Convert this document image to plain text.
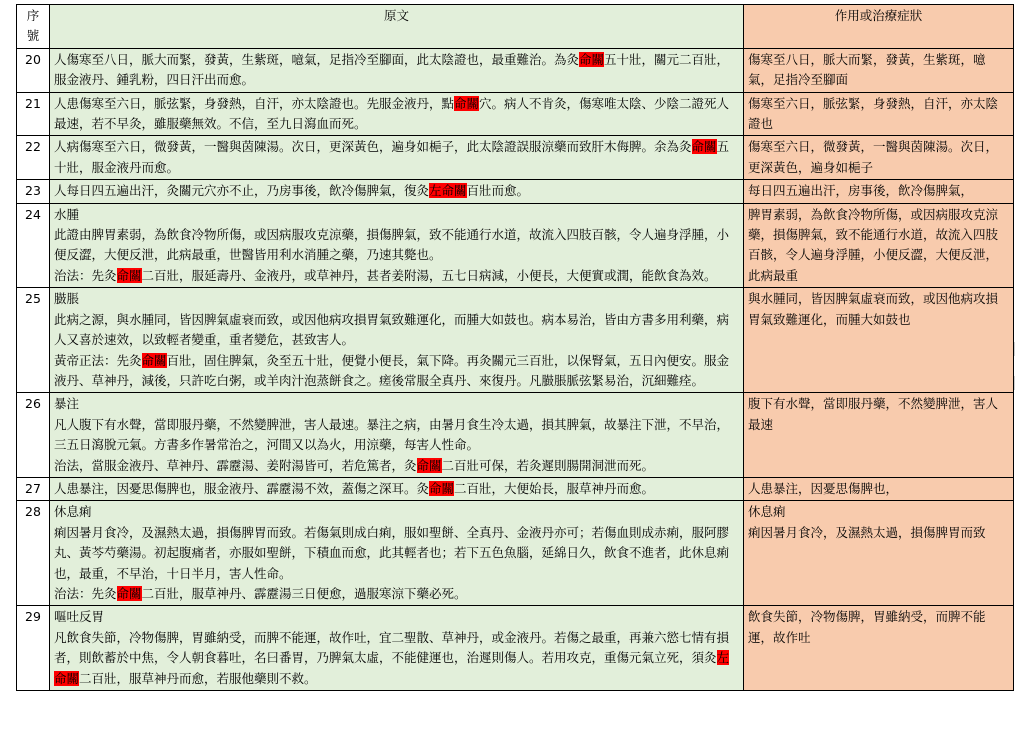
序號	原文	作用或治療症狀
20	人傷寒至八日，脈大而緊，發黃，生紫斑，噫氣，足指冷至腳面，此太陰證也，最重難治。為灸命關五十壯，關元二百壯，服金液丹、鍾乳粉，四日汗出而愈。	傷寒至八日，脈大而緊，發黃，生紫斑，噫氣，足指冷至腳面

21	人患傷寒至六日，脈弦緊，身發熱，自汗，亦太陰證也。先服金液丹，點命關穴。病人不肯灸，傷寒唯太陰、少陰二證死人最速，若不早灸，雖服藥無效。不信，至九日瀉血而死。	傷寒至六日，脈弦緊，身發熱，自汗，亦太陰證也

22	人病傷寒至六日，微發黃，一醫與茵陳湯。次日，更深黃色，遍身如梔子，此太陰證誤服涼藥而致肝木侮脾。余為灸命關五十壯，服金液丹而愈。	傷寒至六日，微發黃，一醫與茵陳湯。次日，更深黃色，遍身如梔子

23	人每日四五遍出汗，灸關元穴亦不止，乃房事後，飲冷傷脾氣，復灸左命關百壯而愈。	每日四五遍出汗，房事後，飲冷傷脾氣，

24	水腫
此證由脾胃素弱，為飲食冷物所傷，或因病服攻克涼藥，損傷脾氣，致不能通行水道，故流入四肢百骸，令人遍身浮腫，小便反澀，大便反泄，此病最重，世醫皆用利水消腫之藥，乃速其斃也。
治法：先灸命關二百壯，服延壽丹、金液丹，或草神丹，甚者姜附湯，五七日病減，小便長，大便實或潤，能飲食為效。	脾胃素弱，為飲食冷物所傷，或因病服攻克涼藥，損傷脾氣，致不能通行水道，故流入四肢百骸，令人遍身浮腫，小便反澀，大便反泄，此病最重

25	臌脹
此病之源，與水腫同，皆因脾氣虛衰而致，或因他病攻損胃氣致難運化，而腫大如鼓也。病本易治，皆由方書多用利藥，病人又喜於速效，以致輕者變重，重者變危，甚致害人。
黃帝正法：先灸命關百壯，固住脾氣，灸至五十壯，便覺小便長，氣下降。再灸關元三百壯，以保腎氣，五日內便安。服金液丹、草神丹，減後，只許吃白粥，或羊肉汁泡蒸餅食之。瘥後常服全真丹、來復丹。凡臌脹脈弦緊易治，沉細難痊。	與水腫同，皆因脾氣虛衰而致，或因他病攻損胃氣致難運化，而腫大如鼓也

26	暴注
凡人腹下有水聲，當即服丹藥，不然變脾泄，害人最速。暴注之病，由暑月食生冷太過，損其脾氣，故暴注下泄，不早治，三五日瀉脫元氣。方書多作暑常治之，河間又以為火，用涼藥，每害人性命。
治法，當服金液丹、草神丹、霹靂湯、姜附湯皆可，若危篤者，灸命關二百壯可保，若灸遲則腸開洞泄而死。	腹下有水聲，當即服丹藥，不然變脾泄，害人最速

27	人患暴注，因憂思傷脾也，服金液丹、霹靂湯不效，蓋傷之深耳。灸命關二百壯，大便始長，服草神丹而愈。	人患暴注，因憂思傷脾也，

28	休息痢
痢因暑月食冷，及濕熱太過，損傷脾胃而致。若傷氣則成白痢，服如聖餅、全真丹、金液丹亦可；若傷血則成赤痢，服阿膠丸、黃芩芍藥湯。初起腹痛者，亦服如聖餅，下積血而愈，此其輕者也；若下五色魚腦，延綿日久，飲食不進者，此休息痢也，最重，不早治，十日半月，害人性命。
治法：先灸命關二百壯，服草神丹、霹靂湯三日便愈，過服寒涼下藥必死。	休息痢
痢因暑月食冷，及濕熱太過，損傷脾胃而致

29	嘔吐反胃
凡飲食失節，冷物傷脾，胃雖納受，而脾不能運，故作吐，宜二聖散、草神丹，或金液丹。若傷之最重，再兼六慾七情有損者，則飲蓄於中焦，令人朝食暮吐，名曰番胃，乃脾氣太虛，不能健運也，治遲則傷人。若用攻克，重傷元氣立死，須灸左命關二百壯，服草神丹而愈，若服他藥則不救。	飲食失節，冷物傷脾，胃雖納受，而脾不能運，故作吐
